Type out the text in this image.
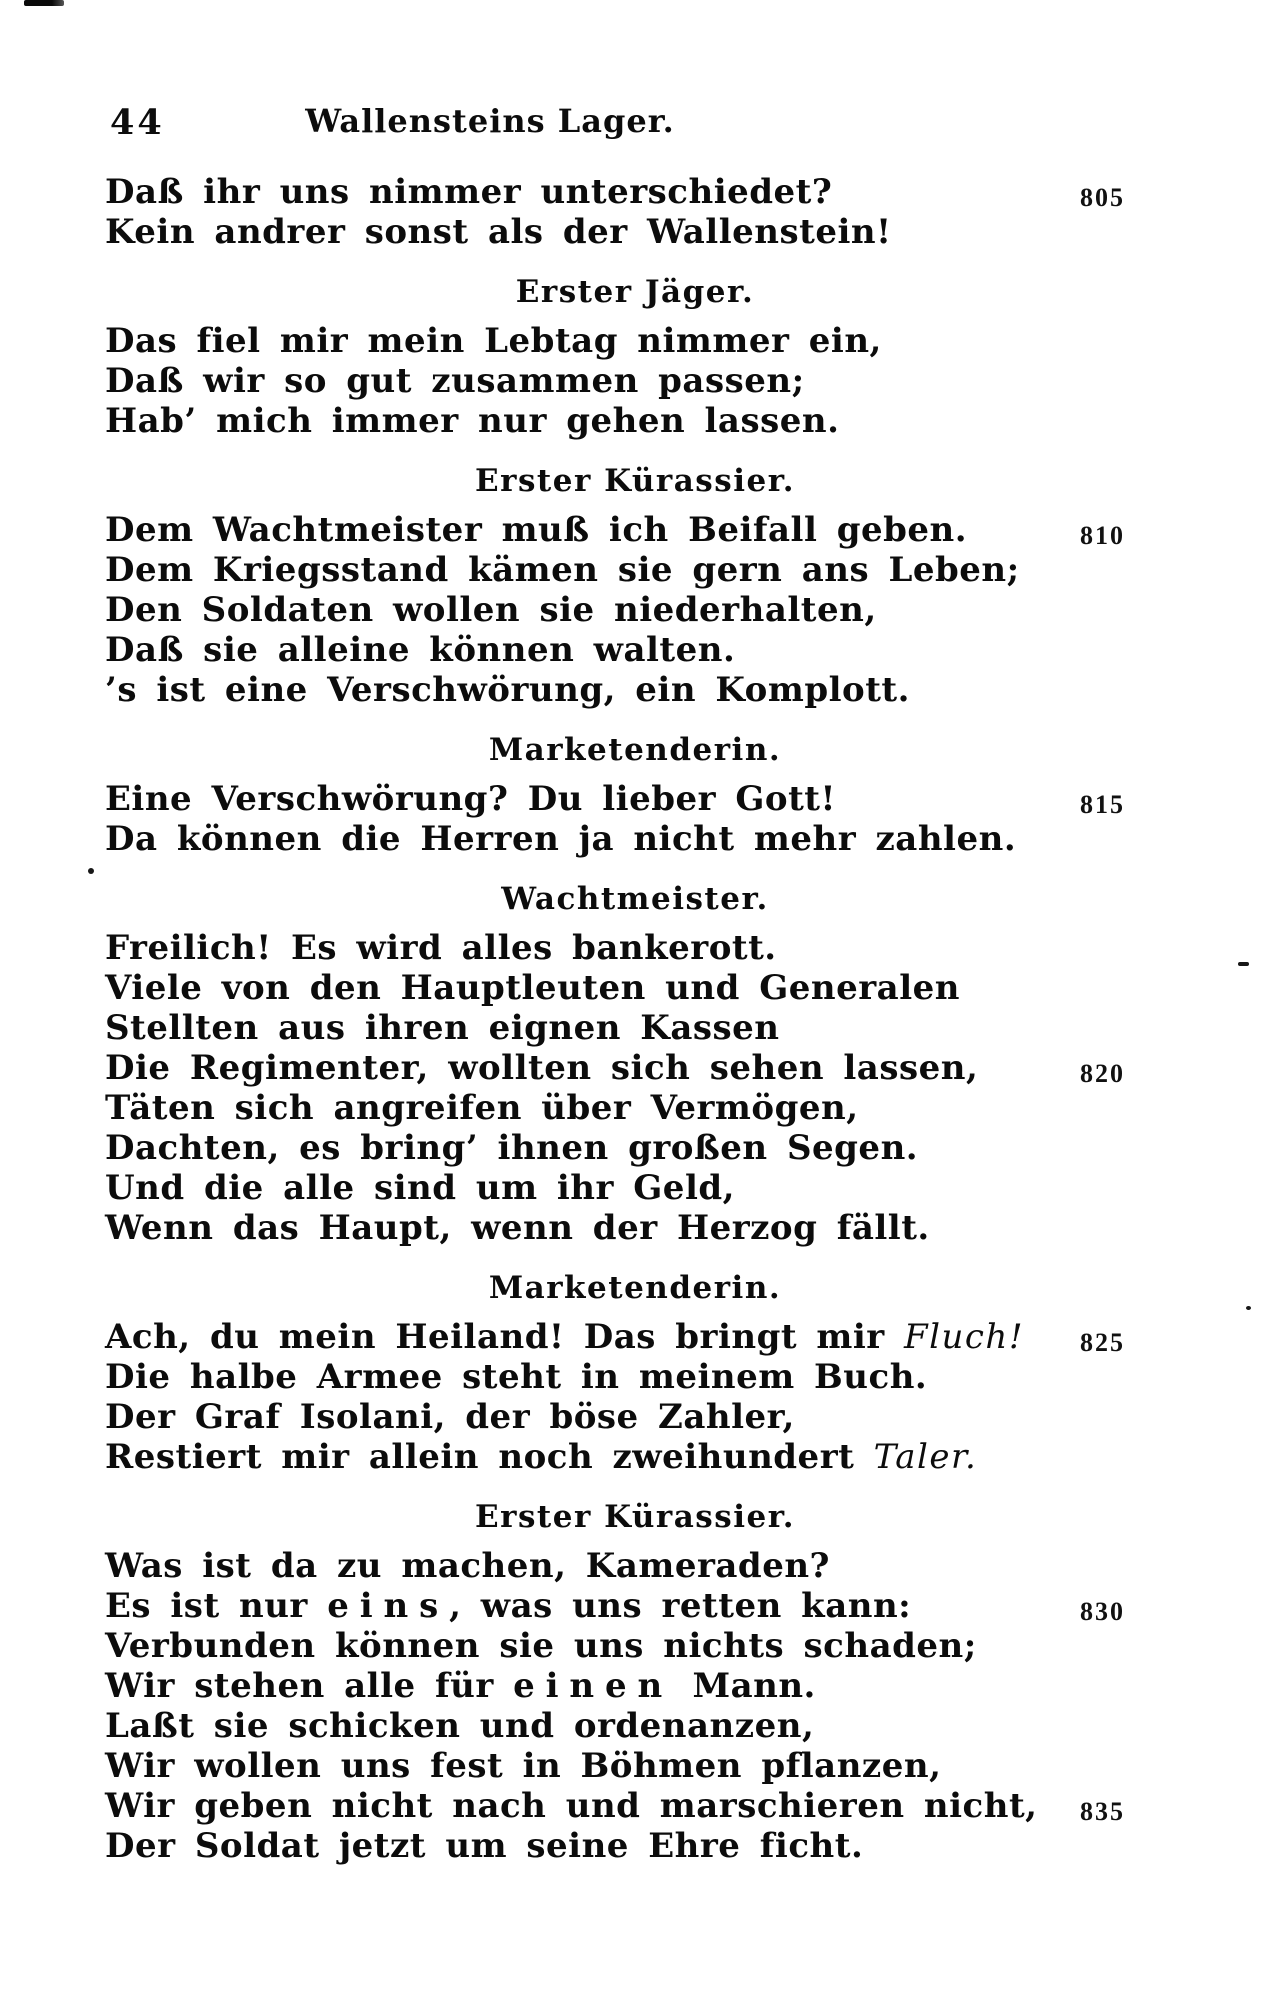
44	Wallensteins Lager.
Daß ihr uns nimmer unterschiedet?	805
Kein andrer sonst als der Wallenstein!
Erster Jäger.
Das fiel mir mein Lebtag nimmer ein,
Daß wir so gut zusammen passen;
Hab’ mich immer nur gehen lassen.
Erster Kürassier.
Dem Wachtmeister muß ich Beifall geben.	810
Dem Kriegsstand kämen sie gern ans Leben;
Den Soldaten wollen sie niederhalten,
Daß sie alleine können walten.
’s ist eine Verschwörung, ein Komplott.
Marketenderin.
Eine Verschwörung? Du lieber Gott!	815
Da können die Herren ja nicht mehr zahlen.
Wachtmeister.
Freilich! Es wird alles bankerott.
Viele von den Hauptleuten und Generalen
Stellten aus ihren eignen Kassen
Die Regimenter, wollten sich sehen lassen,	820
Täten sich angreifen über Vermögen,
Dachten, es bring’ ihnen großen Segen.
Und die alle sind um ihr Geld,
Wenn das Haupt, wenn der Herzog fällt.
Marketenderin.
Ach, du mein Heiland! Das bringt mir Fluch! 825
Die halbe Armee steht in meinem Buch.
Der Graf Isolani, der böse Zahler,
Restiert mir allein noch zweihundert Taler.
Erster Kürassier.
Was ist da zu machen, Kameraden?
Es ist nur eins, was uns retten kann:	830
Verbunden können sie uns nichts schaden;
Wir stehen alle für einen Mann.
Laßt sie schicken und ordenanzen,
Wir wollen uns fest in Böhmen pflanzen,
Wir geben nicht nach und marschieren nicht, 835
Der Soldat jetzt um seine Ehre ficht.
